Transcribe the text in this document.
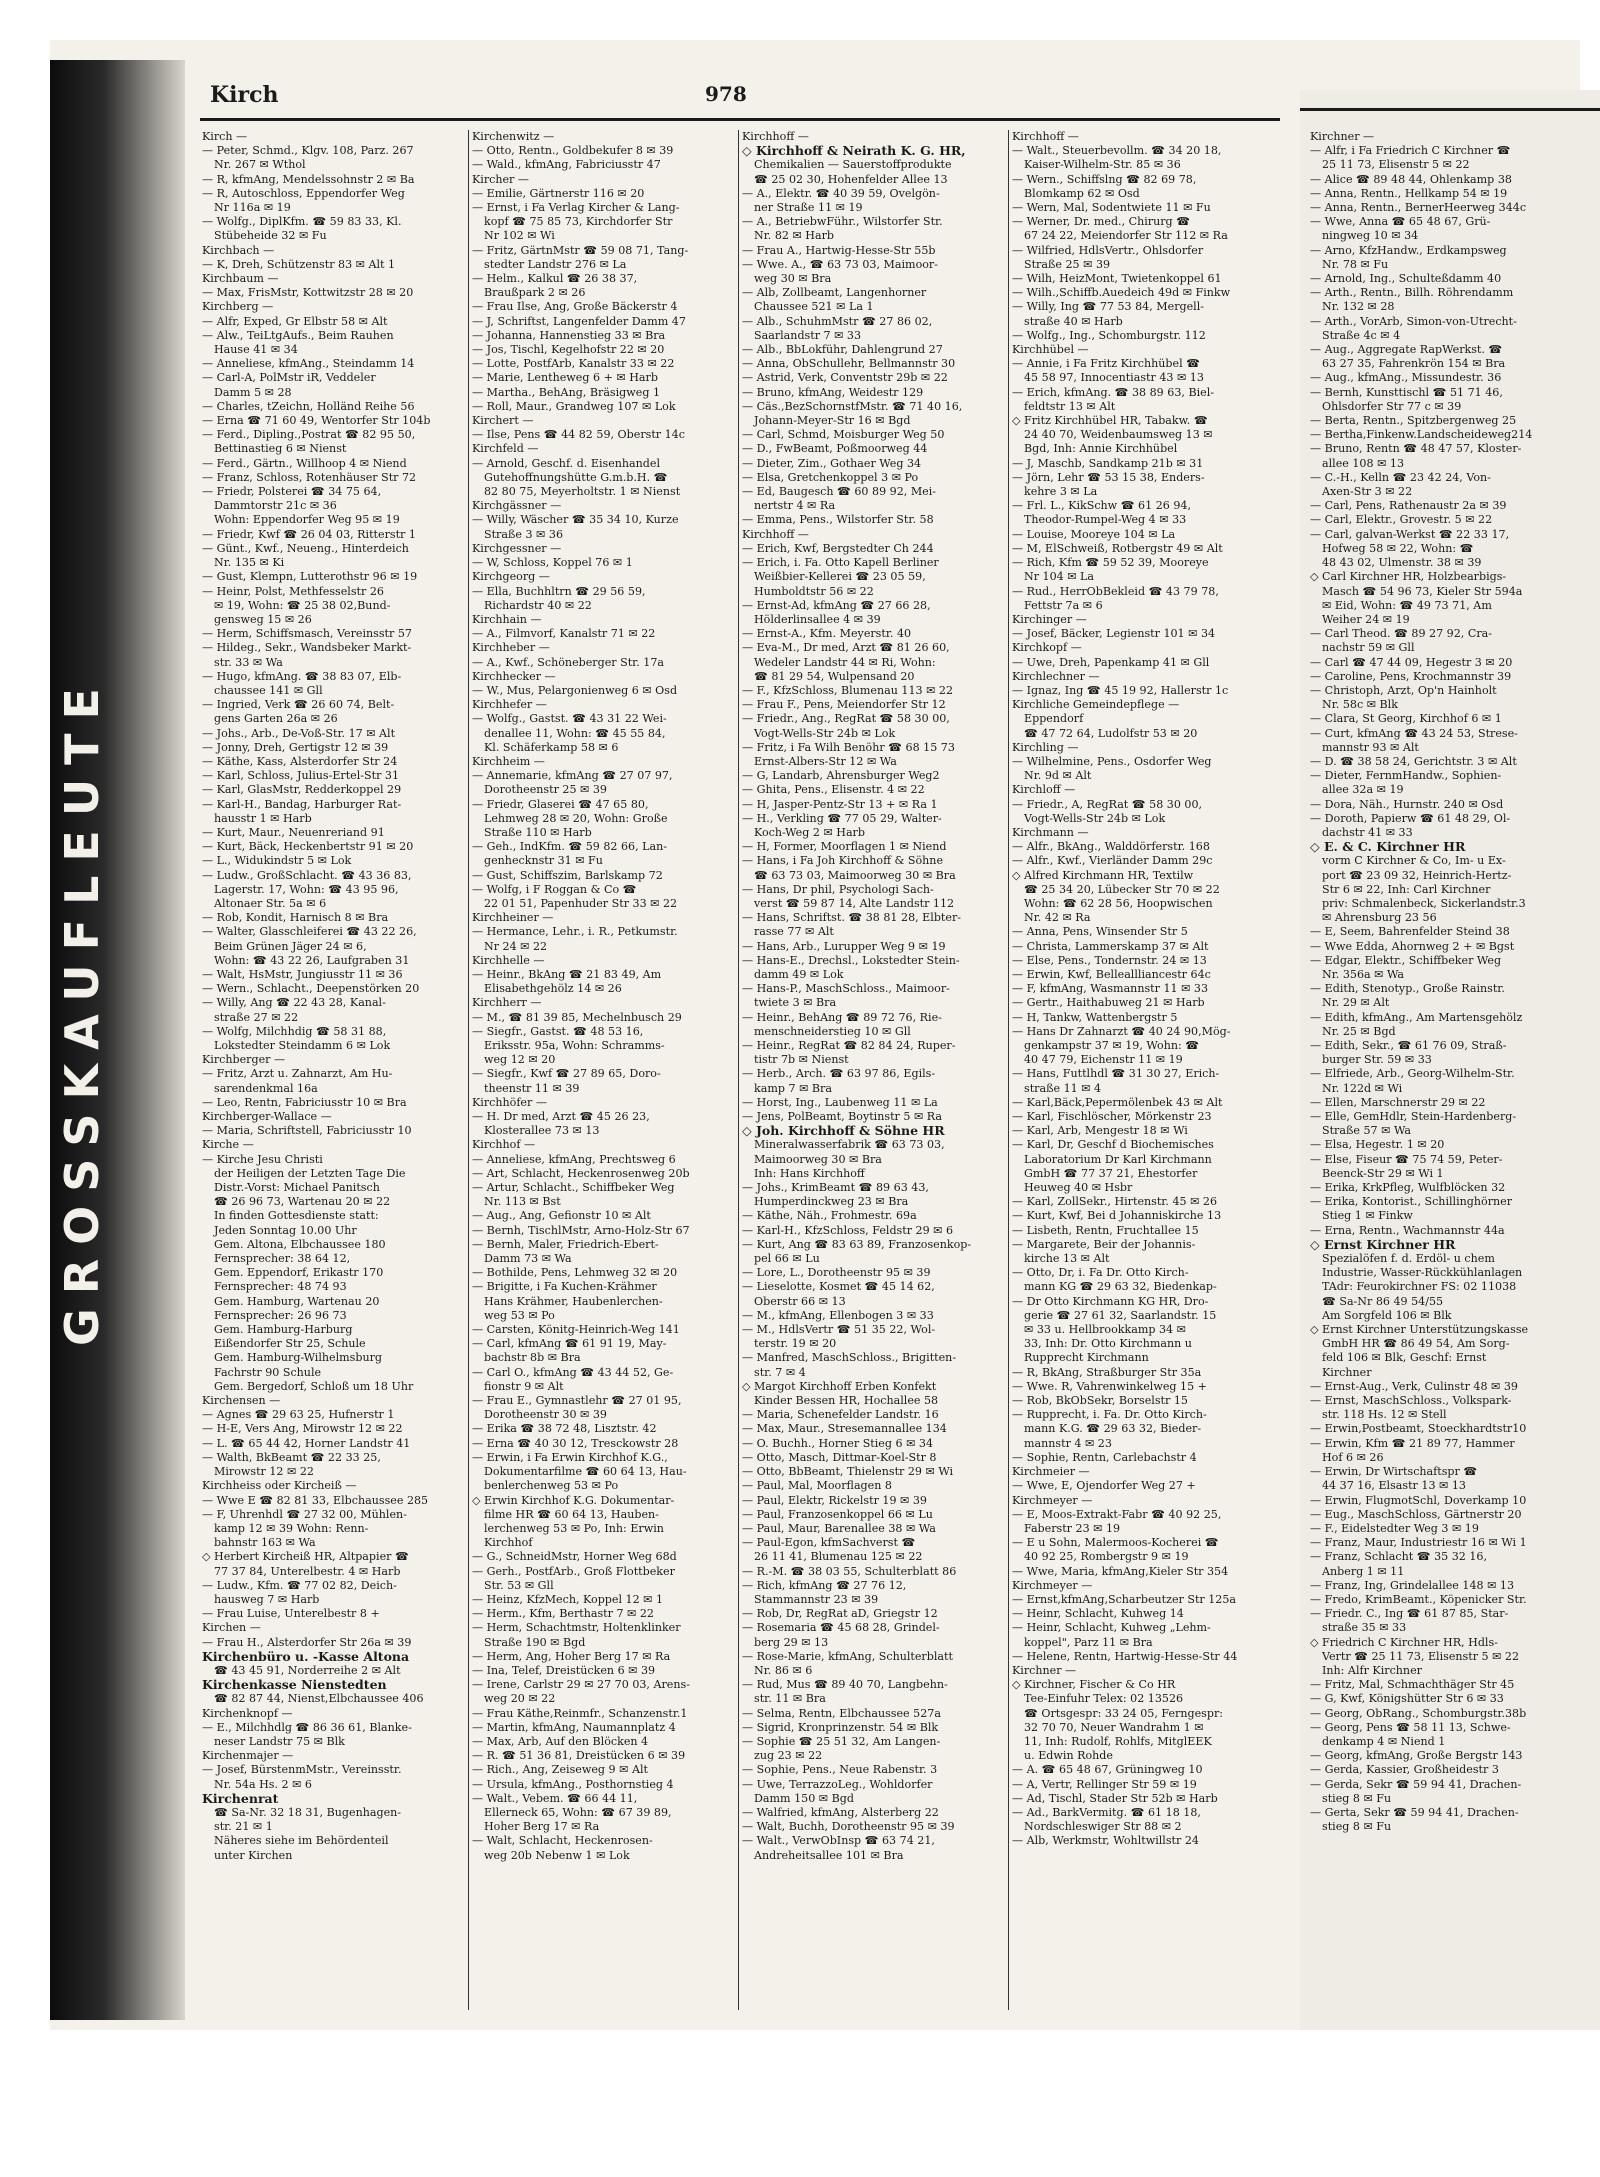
GROSSKAUFLEUTE
Kirch	978
Kirch —
— Peter, Schmd., Klgv. 108, Parz. 267
Nr. 267 ✉ Wthol
— R, kfmAng, Mendelssohnstr 2 ✉ Ba
— R, Autoschloss, Eppendorfer Weg
Nr 116a ✉ 19
— Wolfg., DiplKfm. ☎ 59 83 33, Kl.
Stübeheide 32 ✉ Fu
Kirchbach —
— K, Dreh, Schützenstr 83 ✉ Alt 1
Kirchbaum —
— Max, FrisMstr, Kottwitzstr 28 ✉ 20
Kirchberg —
— Alfr, Exped, Gr Elbstr 58 ✉ Alt
— Alw., TeiLtgAufs., Beim Rauhen
Hause 41 ✉ 34
— Anneliese, kfmAng., Steindamm 14
— Carl-A, PolMstr iR, Veddeler
Damm 5 ✉ 28
— Charles, tZeichn, Holländ Reihe 56
— Erna ☎ 71 60 49, Wentorfer Str 104b
— Ferd., Dipling.,Postrat ☎ 82 95 50,
Bettinastieg 6 ✉ Nienst
— Ferd., Gärtn., Willhoop 4 ✉ Niend
— Franz, Schloss, Rotenhäuser Str 72
— Friedr, Polsterei ☎ 34 75 64,
Dammtorstr 21c ✉ 36
Wohn: Eppendorfer Weg 95 ✉ 19
— Friedr, Kwf ☎ 26 04 03, Ritterstr 1
— Günt., Kwf., Neueng., Hinterdeich
Nr. 135 ✉ Ki
— Gust, Klempn, Lutterothstr 96 ✉ 19
— Heinr, Polst, Methfesselstr 26
✉ 19, Wohn: ☎ 25 38 02,Bund-
gensweg 15 ✉ 26
— Herm, Schiffsmasch, Vereinsstr 57
— Hildeg., Sekr., Wandsbeker Markt-
str. 33 ✉ Wa
— Hugo, kfmAng. ☎ 38 83 07, Elb-
chaussee 141 ✉ Gll
— Ingried, Verk ☎ 26 60 74, Belt-
gens Garten 26a ✉ 26
— Johs., Arb., De-Voß-Str. 17 ✉ Alt
— Jonny, Dreh, Gertigstr 12 ✉ 39
— Käthe, Kass, Alsterdorfer Str 24
— Karl, Schloss, Julius-Ertel-Str 31
— Karl, GlasMstr, Redderkoppel 29
— Karl-H., Bandag, Harburger Rat-
hausstr 1 ✉ Harb
— Kurt, Maur., Neuenreriand 91
— Kurt, Bäck, Heckenbertstr 91 ✉ 20
— L., Widukindstr 5 ✉ Lok
— Ludw., GroßSchlacht. ☎ 43 36 83,
Lagerstr. 17, Wohn: ☎ 43 95 96,
Altonaer Str. 5a ✉ 6
— Rob, Kondit, Harnisch 8 ✉ Bra
— Walter, Glasschleiferei ☎ 43 22 26,
Beim Grünen Jäger 24 ✉ 6,
Wohn: ☎ 43 22 26, Laufgraben 31
— Walt, HsMstr, Jungiusstr 11 ✉ 36
— Wern., Schlacht., Deepenstörken 20
— Willy, Ang ☎ 22 43 28, Kanal-
straße 27 ✉ 22
— Wolfg, Milchhdig ☎ 58 31 88,
Lokstedter Steindamm 6 ✉ Lok
Kirchberger —
— Fritz, Arzt u. Zahnarzt, Am Hu-
sarendenkmal 16a
— Leo, Rentn, Fabriciusstr 10 ✉ Bra
Kirchberger-Wallace —
— Maria, Schriftstell, Fabriciusstr 10
Kirche —
— Kirche Jesu Christi
der Heiligen der Letzten Tage Die
Distr.-Vorst: Michael Panitsch
☎ 26 96 73, Wartenau 20 ✉ 22
In finden Gottesdienste statt:
Jeden Sonntag 10.00 Uhr
Gem. Altona, Elbchaussee 180
Fernsprecher: 38 64 12,
Gem. Eppendorf, Erikastr 170
Fernsprecher: 48 74 93
Gem. Hamburg, Wartenau 20
Fernsprecher: 26 96 73
Gem. Hamburg-Harburg
Eißendorfer Str 25, Schule
Gem. Hamburg-Wilhelmsburg
Fachrstr 90 Schule
Gem. Bergedorf, Schloß um 18 Uhr
Kirchensen —
— Agnes ☎ 29 63 25, Hufnerstr 1
— H-E, Vers Ang, Mirowstr 12 ✉ 22
— L. ☎ 65 44 42, Horner Landstr 41
— Walth, BkBeamt ☎ 22 33 25,
Mirowstr 12 ✉ 22
Kirchheiss oder Kircheiß —
— Wwe E ☎ 82 81 33, Elbchaussee 285
— F, Uhrenhdl ☎ 27 32 00, Mühlen-
kamp 12 ✉ 39 Wohn: Renn-
bahnstr 163 ✉ Wa
◇ Herbert Kircheiß HR, Altpapier ☎
77 37 84, Unterelbestr. 4 ✉ Harb
— Ludw., Kfm. ☎ 77 02 82, Deich-
hausweg 7 ✉ Harb
— Frau Luise, Unterelbestr 8 +
Kirchen —
— Frau H., Alsterdorfer Str 26a ✉ 39
Kirchenbüro u. -Kasse Altona
☎ 43 45 91, Norderreihe 2 ✉ Alt
Kirchenkasse Nienstedten
☎ 82 87 44, Nienst,Elbchaussee 406
Kirchenknopf —
— E., Milchhdlg ☎ 86 36 61, Blanke-
neser Landstr 75 ✉ Blk
Kirchenmajer —
— Josef, BürstenmMstr., Vereinsstr.
Nr. 54a Hs. 2 ✉ 6
Kirchenrat
☎ Sa-Nr. 32 18 31, Bugenhagen-
str. 21 ✉ 1
Näheres siehe im Behördenteil
unter Kirchen
Kirchenwitz —
— Otto, Rentn., Goldbekufer 8 ✉ 39
— Wald., kfmAng, Fabriciusstr 47
Kircher —
— Emilie, Gärtnerstr 116 ✉ 20
— Ernst, i Fa Verlag Kircher & Lang-
kopf ☎ 75 85 73, Kirchdorfer Str
Nr 102 ✉ Wi
— Fritz, GärtnMstr ☎ 59 08 71, Tang-
stedter Landstr 276 ✉ La
— Helm., Kalkul ☎ 26 38 37,
Braußpark 2 ✉ 26
— Frau Ilse, Ang, Große Bäckerstr 4
— J, Schriftst, Langenfelder Damm 47
— Johanna, Hannenstieg 33 ✉ Bra
— Jos, Tischl, Kegelhofstr 22 ✉ 20
— Lotte, PostfArb, Kanalstr 33 ✉ 22
— Marie, Lentheweg 6 + ✉ Harb
— Martha., BehAng, Bräsigweg 1
— Roll, Maur., Grandweg 107 ✉ Lok
Kirchert —
— Ilse, Pens ☎ 44 82 59, Oberstr 14c
Kirchfeld —
— Arnold, Geschf. d. Eisenhandel
Gutehoffnungshütte G.m.b.H. ☎
82 80 75, Meyerholtstr. 1 ✉ Nienst
Kirchgässner —
— Willy, Wäscher ☎ 35 34 10, Kurze
Straße 3 ✉ 36
Kirchgessner —
— W, Schloss, Koppel 76 ✉ 1
Kirchgeorg —
— Ella, Buchhltrn ☎ 29 56 59,
Richardstr 40 ✉ 22
Kirchhain —
— A., Filmvorf, Kanalstr 71 ✉ 22
Kirchheber —
— A., Kwf., Schöneberger Str. 17a
Kirchhecker —
— W., Mus, Pelargonienweg 6 ✉ Osd
Kirchhefer —
— Wolfg., Gastst. ☎ 43 31 22 Wei-
denallee 11, Wohn: ☎ 45 55 84,
Kl. Schäferkamp 58 ✉ 6
Kirchheim —
— Annemarie, kfmAng ☎ 27 07 97,
Dorotheenstr 25 ✉ 39
— Friedr, Glaserei ☎ 47 65 80,
Lehmweg 28 ✉ 20, Wohn: Große
Straße 110 ✉ Harb
— Geh., IndKfm. ☎ 59 82 66, Lan-
genhecknstr 31 ✉ Fu
— Gust, Schiffszim, Barlskamp 72
— Wolfg, i F Roggan & Co ☎
22 01 51, Papenhuder Str 33 ✉ 22
Kirchheiner —
— Hermance, Lehr., i. R., Petkumstr.
Nr 24 ✉ 22
Kirchhelle —
— Heinr., BkAng ☎ 21 83 49, Am
Elisabethgehölz 14 ✉ 26
Kirchherr —
— M., ☎ 81 39 85, Mechelnbusch 29
— Siegfr., Gastst. ☎ 48 53 16,
Eriksstr. 95a, Wohn: Schramms-
weg 12 ✉ 20
— Siegfr., Kwf ☎ 27 89 65, Doro-
theenstr 11 ✉ 39
Kirchhöfer —
— H. Dr med, Arzt ☎ 45 26 23,
Klosterallee 73 ✉ 13
Kirchhof —
— Anneliese, kfmAng, Prechtsweg 6
— Art, Schlacht, Heckenrosenweg 20b
— Artur, Schlacht., Schiffbeker Weg
Nr. 113 ✉ Bst
— Aug., Ang, Gefionstr 10 ✉ Alt
— Bernh, TischlMstr, Arno-Holz-Str 67
— Bernh, Maler, Friedrich-Ebert-
Damm 73 ✉ Wa
— Bothilde, Pens, Lehmweg 32 ✉ 20
— Brigitte, i Fa Kuchen-Krähmer
Hans Krähmer, Haubenlerchen-
weg 53 ✉ Po
— Carsten, Könitg-Heinrich-Weg 141
— Carl, kfmAng ☎ 61 91 19, May-
bachstr 8b ✉ Bra
— Carl O., kfmAng ☎ 43 44 52, Ge-
fionstr 9 ✉ Alt
— Frau E., Gymnastlehr ☎ 27 01 95,
Dorotheenstr 30 ✉ 39
— Erika ☎ 38 72 48, Lisztstr. 42
— Erna ☎ 40 30 12, Tresckowstr 28
— Erwin, i Fa Erwin Kirchhof K.G.,
Dokumentarfilme ☎ 60 64 13, Hau-
benlerchenweg 53 ✉ Po
◇ Erwin Kirchhof K.G. Dokumentar-
filme HR ☎ 60 64 13, Hauben-
lerchenweg 53 ✉ Po, Inh: Erwin
Kirchhof
— G., SchneidMstr, Horner Weg 68d
— Gerh., PostfArb., Groß Flottbeker
Str. 53 ✉ Gll
— Heinz, KfzMech, Koppel 12 ✉ 1
— Herm., Kfm, Berthastr 7 ✉ 22
— Herm, Schachtmstr, Holtenklinker
Straße 190 ✉ Bgd
— Herm, Ang, Hoher Berg 17 ✉ Ra
— Ina, Telef, Dreistücken 6 ✉ 39
— Irene, Carlstr 29 ✉ 27 70 03, Arens-
weg 20 ✉ 22
— Frau Käthe,Reinmfr., Schanzenstr.1
— Martin, kfmAng, Naumannplatz 4
— Max, Arb, Auf den Blöcken 4
— R. ☎ 51 36 81, Dreistücken 6 ✉ 39
— Rich., Ang, Zeiseweg 9 ✉ Alt
— Ursula, kfmAng., Posthornstieg 4
— Walt., Vebem. ☎ 66 44 11,
Ellerneck 65, Wohn: ☎ 67 39 89,
Hoher Berg 17 ✉ Ra
— Walt, Schlacht, Heckenrosen-
weg 20b Nebenw 1 ✉ Lok
Kirchhoff —
◇ Kirchhoff & Neirath K. G. HR,
Chemikalien — Sauerstoffprodukte
☎ 25 02 30, Hohenfelder Allee 13
— A., Elektr. ☎ 40 39 59, Ovelgön-
ner Straße 11 ✉ 19
— A., BetriebwFühr., Wilstorfer Str.
Nr. 82 ✉ Harb
— Frau A., Hartwig-Hesse-Str 55b
— Wwe. A., ☎ 63 73 03, Maimoor-
weg 30 ✉ Bra
— Alb, Zollbeamt, Langenhorner
Chaussee 521 ✉ La 1
— Alb., SchuhmMstr ☎ 27 86 02,
Saarlandstr 7 ✉ 33
— Alb., BbLokführ, Dahlengrund 27
— Anna, ObSchullehr, Bellmannstr 30
— Astrid, Verk, Conventstr 29b ✉ 22
— Bruno, kfmAng, Weidestr 129
— Cäs.,BezSchornstfMstr. ☎ 71 40 16,
Johann-Meyer-Str 16 ✉ Bgd
— Carl, Schmd, Moisburger Weg 50
— D., FwBeamt, Poßmoorweg 44
— Dieter, Zim., Gothaer Weg 34
— Elsa, Gretchenkoppel 3 ✉ Po
— Ed, Baugesch ☎ 60 89 92, Mei-
nertstr 4 ✉ Ra
— Emma, Pens., Wilstorfer Str. 58
Kirchhoff —
— Erich, Kwf, Bergstedter Ch 244
— Erich, i. Fa. Otto Kapell Berliner
Weißbier-Kellerei ☎ 23 05 59,
Humboldtstr 56 ✉ 22
— Ernst-Ad, kfmAng ☎ 27 66 28,
Hölderlinsallee 4 ✉ 39
— Ernst-A., Kfm. Meyerstr. 40
— Eva-M., Dr med, Arzt ☎ 81 26 60,
Wedeler Landstr 44 ✉ Ri, Wohn:
☎ 81 29 54, Wulpensand 20
— F., KfzSchloss, Blumenau 113 ✉ 22
— Frau F., Pens, Meiendorfer Str 12
— Friedr., Ang., RegRat ☎ 58 30 00,
Vogt-Wells-Str 24b ✉ Lok
— Fritz, i Fa Wilh Benöhr ☎ 68 15 73
Ernst-Albers-Str 12 ✉ Wa
— G, Landarb, Ahrensburger Weg2
— Ghita, Pens., Elisenstr. 4 ✉ 22
— H, Jasper-Pentz-Str 13 + ✉ Ra 1
— H., Verkling ☎ 77 05 29, Walter-
Koch-Weg 2 ✉ Harb
— H, Former, Moorflagen 1 ✉ Niend
— Hans, i Fa Joh Kirchhoff & Söhne
☎ 63 73 03, Maimoorweg 30 ✉ Bra
— Hans, Dr phil, Psychologi Sach-
verst ☎ 59 87 14, Alte Landstr 112
— Hans, Schriftst. ☎ 38 81 28, Elbter-
rasse 77 ✉ Alt
— Hans, Arb., Lurupper Weg 9 ✉ 19
— Hans-E., Drechsl., Lokstedter Stein-
damm 49 ✉ Lok
— Hans-P., MaschSchloss., Maimoor-
twiete 3 ✉ Bra
— Heinr., BehAng ☎ 89 72 76, Rie-
menschneiderstieg 10 ✉ Gll
— Heinr., RegRat ☎ 82 84 24, Ruper-
tistr 7b ✉ Nienst
— Herb., Arch. ☎ 63 97 86, Egils-
kamp 7 ✉ Bra
— Horst, Ing., Laubenweg 11 ✉ La
— Jens, PolBeamt, Boytinstr 5 ✉ Ra
◇ Joh. Kirchhoff & Söhne HR
Mineralwasserfabrik ☎ 63 73 03,
Maimoorweg 30 ✉ Bra
Inh: Hans Kirchhoff
— Johs., KrimBeamt ☎ 89 63 43,
Humperdinckweg 23 ✉ Bra
— Käthe, Näh., Frohmestr. 69a
— Karl-H., KfzSchloss, Feldstr 29 ✉ 6
— Kurt, Ang ☎ 83 63 89, Franzosenkop-
pel 66 ✉ Lu
— Lore, L., Dorotheenstr 95 ✉ 39
— Lieselotte, Kosmet ☎ 45 14 62,
Oberstr 66 ✉ 13
— M., kfmAng, Ellenbogen 3 ✉ 33
— M., HdlsVertr ☎ 51 35 22, Wol-
terstr. 19 ✉ 20
— Manfred, MaschSchloss., Brigitten-
str. 7 ✉ 4
◇ Margot Kirchhoff Erben Konfekt
Kinder Bessen HR, Hochallee 58
— Maria, Schenefelder Landstr. 16
— Max, Maur., Stresemannallee 134
— O. Buchh., Horner Stieg 6 ✉ 34
— Otto, Masch, Dittmar-Koel-Str 8
— Otto, BbBeamt, Thielenstr 29 ✉ Wi
— Paul, Mal, Moorflagen 8
— Paul, Elektr, Rickelstr 19 ✉ 39
— Paul, Franzosenkoppel 66 ✉ Lu
— Paul, Maur, Barenallee 38 ✉ Wa
— Paul-Egon, kfmSachverst ☎
26 11 41, Blumenau 125 ✉ 22
— R.-M. ☎ 38 03 55, Schulterblatt 86
— Rich, kfmAng ☎ 27 76 12,
Stammannstr 23 ✉ 39
— Rob, Dr, RegRat aD, Griegstr 12
— Rosemaria ☎ 45 68 28, Grindel-
berg 29 ✉ 13
— Rose-Marie, kfmAng, Schulterblatt
Nr. 86 ✉ 6
— Rud, Mus ☎ 89 40 70, Langbehn-
str. 11 ✉ Bra
— Selma, Rentn, Elbchaussee 527a
— Sigrid, Kronprinzenstr. 54 ✉ Blk
— Sophie ☎ 25 51 32, Am Langen-
zug 23 ✉ 22
— Sophie, Pens., Neue Rabenstr. 3
— Uwe, TerrazzoLeg., Wohldorfer
Damm 150 ✉ Bgd
— Walfried, kfmAng, Alsterberg 22
— Walt, Buchh, Dorotheenstr 95 ✉ 39
— Walt., VerwObInsp ☎ 63 74 21,
Andreheitsallee 101 ✉ Bra
Kirchhoff —
— Walt., Steuerbevollm. ☎ 34 20 18,
Kaiser-Wilhelm-Str. 85 ✉ 36
— Wern., Schiffslng ☎ 82 69 78,
Blomkamp 62 ✉ Osd
— Wern, Mal, Sodentwiete 11 ✉ Fu
— Werner, Dr. med., Chirurg ☎
67 24 22, Meiendorfer Str 112 ✉ Ra
— Wilfried, HdlsVertr., Ohlsdorfer
Straße 25 ✉ 39
— Wilh, HeizMont, Twietenkoppel 61
— Wilh.,Schiffb.Auedeich 49d ✉ Finkw
— Willy, Ing ☎ 77 53 84, Mergell-
straße 40 ✉ Harb
— Wolfg., Ing., Schomburgstr. 112
Kirchhübel —
— Annie, i Fa Fritz Kirchhübel ☎
45 58 97, Innocentiastr 43 ✉ 13
— Erich, kfmAng. ☎ 38 89 63, Biel-
feldtstr 13 ✉ Alt
◇ Fritz Kirchhübel HR, Tabakw. ☎
24 40 70, Weidenbaumsweg 13 ✉
Bgd, Inh: Annie Kirchhübel
— J, Maschb, Sandkamp 21b ✉ 31
— Jörn, Lehr ☎ 53 15 38, Enders-
kehre 3 ✉ La
— Frl. L., KikSchw ☎ 61 26 94,
Theodor-Rumpel-Weg 4 ✉ 33
— Louise, Mooreye 104 ✉ La
— M, ElSchweiß, Rotbergstr 49 ✉ Alt
— Rich, Kfm ☎ 59 52 39, Mooreye
Nr 104 ✉ La
— Rud., HerrObBekleid ☎ 43 79 78,
Fettstr 7a ✉ 6
Kirchinger —
— Josef, Bäcker, Legienstr 101 ✉ 34
Kirchkopf —
— Uwe, Dreh, Papenkamp 41 ✉ Gll
Kirchlechner —
— Ignaz, Ing ☎ 45 19 92, Hallerstr 1c
Kirchliche Gemeindepflege —
Eppendorf
☎ 47 72 64, Ludolfstr 53 ✉ 20
Kirchling —
— Wilhelmine, Pens., Osdorfer Weg
Nr. 9d ✉ Alt
Kirchloff —
— Friedr., A, RegRat ☎ 58 30 00,
Vogt-Wells-Str 24b ✉ Lok
Kirchmann —
— Alfr., BkAng., Walddörferstr. 168
— Alfr., Kwf., Vierländer Damm 29c
◇ Alfred Kirchmann HR, Textilw
☎ 25 34 20, Lübecker Str 70 ✉ 22
Wohn: ☎ 62 28 56, Hoopwischen
Nr. 42 ✉ Ra
— Anna, Pens, Winsender Str 5
— Christa, Lammerskamp 37 ✉ Alt
— Else, Pens., Tondernstr. 24 ✉ 13
— Erwin, Kwf, Belleallliancestr 64c
— F, kfmAng, Wasmannstr 11 ✉ 33
— Gertr., Haithabuweg 21 ✉ Harb
— H, Tankw, Wattenbergstr 5
— Hans Dr Zahnarzt ☎ 40 24 90,Mög-
genkampstr 37 ✉ 19, Wohn: ☎
40 47 79, Eichenstr 11 ✉ 19
— Hans, Futtlhdl ☎ 31 30 27, Erich-
straße 11 ✉ 4
— Karl,Bäck,Pepermölenbek 43 ✉ Alt
— Karl, Fischlöscher, Mörkenstr 23
— Karl, Arb, Mengestr 18 ✉ Wi
— Karl, Dr, Geschf d Biochemisches
Laboratorium Dr Karl Kirchmann
GmbH ☎ 77 37 21, Ehestorfer
Heuweg 40 ✉ Hsbr
— Karl, ZollSekr., Hirtenstr. 45 ✉ 26
— Kurt, Kwf, Bei d Johanniskirche 13
— Lisbeth, Rentn, Fruchtallee 15
— Margarete, Beir der Johannis-
kirche 13 ✉ Alt
— Otto, Dr, i. Fa Dr. Otto Kirch-
mann KG ☎ 29 63 32, Biedenkap-
— Dr Otto Kirchmann KG HR, Dro-
gerie ☎ 27 61 32, Saarlandstr. 15
✉ 33 u. Hellbrookkamp 34 ✉
33, Inh: Dr. Otto Kirchmann u
Rupprecht Kirchmann
— R, BkAng, Straßburger Str 35a
— Wwe. R, Vahrenwinkelweg 15 +
— Rob, BkObSekr, Borselstr 15
— Rupprecht, i. Fa. Dr. Otto Kirch-
mann K.G. ☎ 29 63 32, Bieder-
mannstr 4 ✉ 23
— Sophie, Rentn, Carlebachstr 4
Kirchmeier —
— Wwe, E, Ojendorfer Weg 27 +
Kirchmeyer —
— E, Moos-Extrakt-Fabr ☎ 40 92 25,
Faberstr 23 ✉ 19
— E u Sohn, Malermoos-Kocherei ☎
40 92 25, Rombergstr 9 ✉ 19
— Wwe, Maria, kfmAng,Kieler Str 354
Kirchmeyer —
— Ernst,kfmAng,Scharbeutzer Str 125a
— Heinr, Schlacht, Kuhweg 14
— Heinr, Schlacht, Kuhweg „Lehm-
koppel", Parz 11 ✉ Bra
— Helene, Rentn, Hartwig-Hesse-Str 44
Kirchner —
◇ Kirchner, Fischer & Co HR
Tee-Einfuhr Telex: 02 13526
☎ Ortsgespr: 33 24 05, Ferngespr:
32 70 70, Neuer Wandrahm 1 ✉
11, Inh: Rudolf, Rohlfs, MitglEEK
u. Edwin Rohde
— A. ☎ 65 48 67, Grüningweg 10
— A, Vertr, Rellinger Str 59 ✉ 19
— Ad, Tischl, Stader Str 52b ✉ Harb
— Ad., BarkVermitg. ☎ 61 18 18,
Nordschleswiger Str 88 ✉ 2
— Alb, Werkmstr, Wohltwillstr 24
Kirchner —
— Alfr, i Fa Friedrich C Kirchner ☎
25 11 73, Elisenstr 5 ✉ 22
— Alice ☎ 89 48 44, Ohlenkamp 38
— Anna, Rentn., Hellkamp 54 ✉ 19
— Anna, Rentn., BernerHeerweg 344c
— Wwe, Anna ☎ 65 48 67, Grü-
ningweg 10 ✉ 34
— Arno, KfzHandw., Erdkampsweg
Nr. 78 ✉ Fu
— Arnold, Ing., Schulteßdamm 40
— Arth., Rentn., Billh. Röhrendamm
Nr. 132 ✉ 28
— Arth., VorArb, Simon-von-Utrecht-
Straße 4c ✉ 4
— Aug., Aggregate RapWerkst. ☎
63 27 35, Fahrenkrön 154 ✉ Bra
— Aug., kfmAng., Missundestr. 36
— Bernh, Kunsttischl ☎ 51 71 46,
Ohlsdorfer Str 77 c ✉ 39
— Berta, Rentn., Spitzbergenweg 25
— Bertha,Finkenw.Landscheideweg214
— Bruno, Rentn ☎ 48 47 57, Kloster-
allee 108 ✉ 13
— C.-H., Kelln ☎ 23 42 24, Von-
Axen-Str 3 ✉ 22
— Carl, Pens, Rathenaustr 2a ✉ 39
— Carl, Elektr., Grovestr. 5 ✉ 22
— Carl, galvan-Werkst ☎ 22 33 17,
Hofweg 58 ✉ 22, Wohn: ☎
48 43 02, Ulmenstr. 38 ✉ 39
◇ Carl Kirchner HR, Holzbearbigs-
Masch ☎ 54 96 73, Kieler Str 594a
✉ Eid, Wohn: ☎ 49 73 71, Am
Weiher 24 ✉ 19
— Carl Theod. ☎ 89 27 92, Cra-
nachstr 59 ✉ Gll
— Carl ☎ 47 44 09, Hegestr 3 ✉ 20
— Caroline, Pens, Krochmannstr 39
— Christoph, Arzt, Op'n Hainholt
Nr. 58c ✉ Blk
— Clara, St Georg, Kirchhof 6 ✉ 1
— Curt, kfmAng ☎ 43 24 53, Strese-
mannstr 93 ✉ Alt
— D. ☎ 38 58 24, Gerichtstr. 3 ✉ Alt
— Dieter, FernmHandw., Sophien-
allee 32a ✉ 19
— Dora, Näh., Hurnstr. 240 ✉ Osd
— Doroth, Papierw ☎ 61 48 29, Ol-
dachstr 41 ✉ 33
◇ E. & C. Kirchner HR
vorm C Kirchner & Co, Im- u Ex-
port ☎ 23 09 32, Heinrich-Hertz-
Str 6 ✉ 22, Inh: Carl Kirchner
priv: Schmalenbeck, Sickerlandstr.3
✉ Ahrensburg 23 56
— E, Seem, Bahrenfelder Steind 38
— Wwe Edda, Ahornweg 2 + ✉ Bgst
— Edgar, Elektr., Schiffbeker Weg
Nr. 356a ✉ Wa
— Edith, Stenotyp., Große Rainstr.
Nr. 29 ✉ Alt
— Edith, kfmAng., Am Martensgehölz
Nr. 25 ✉ Bgd
— Edith, Sekr., ☎ 61 76 09, Straß-
burger Str. 59 ✉ 33
— Elfriede, Arb., Georg-Wilhelm-Str.
Nr. 122d ✉ Wi
— Ellen, Marschnerstr 29 ✉ 22
— Elle, GemHdlr, Stein-Hardenberg-
Straße 57 ✉ Wa
— Elsa, Hegestr. 1 ✉ 20
— Else, Fiseur ☎ 75 74 59, Peter-
Beenck-Str 29 ✉ Wi 1
— Erika, KrkPfleg, Wulfblöcken 32
— Erika, Kontorist., Schillinghörner
Stieg 1 ✉ Finkw
— Erna, Rentn., Wachmannstr 44a
◇ Ernst Kirchner HR
Spezialöfen f. d. Erdöl- u chem
Industrie, Wasser-Rückkühlanlagen
TAdr: Feurokirchner FS: 02 11038
☎ Sa-Nr 86 49 54/55
Am Sorgfeld 106 ✉ Blk
◇ Ernst Kirchner Unterstützungskasse
GmbH HR ☎ 86 49 54, Am Sorg-
feld 106 ✉ Blk, Geschf: Ernst
Kirchner
— Ernst-Aug., Verk, Culinstr 48 ✉ 39
— Ernst, MaschSchloss., Volkspark-
str. 118 Hs. 12 ✉ Stell
— Erwin,Postbeamt, Stoeckhardtstr10
— Erwin, Kfm ☎ 21 89 77, Hammer
Hof 6 ✉ 26
— Erwin, Dr Wirtschaftspr ☎
44 37 16, Elsastr 13 ✉ 13
— Erwin, FlugmotSchl, Doverkamp 10
— Eug., MaschSchloss, Gärtnerstr 20
— F., Eidelstedter Weg 3 ✉ 19
— Franz, Maur, Industriestr 16 ✉ Wi 1
— Franz, Schlacht ☎ 35 32 16,
Anberg 1 ✉ 11
— Franz, Ing, Grindelallee 148 ✉ 13
— Fredo, KrimBeamt., Köpenicker Str.
— Friedr. C., Ing ☎ 61 87 85, Star-
straße 35 ✉ 33
◇ Friedrich C Kirchner HR, Hdls-
Vertr ☎ 25 11 73, Elisenstr 5 ✉ 22
Inh: Alfr Kirchner
— Fritz, Mal, Schmachthäger Str 45
— G, Kwf, Königshütter Str 6 ✉ 33
— Georg, ObRang., Schomburgstr.38b
— Georg, Pens ☎ 58 11 13, Schwe-
denkamp 4 ✉ Niend 1
— Georg, kfmAng, Große Bergstr 143
— Gerda, Kassier, Großheidestr 3
— Gerda, Sekr ☎ 59 94 41, Drachen-
stieg 8 ✉ Fu
— Gerta, Sekr ☎ 59 94 41, Drachen-
stieg 8 ✉ Fu
